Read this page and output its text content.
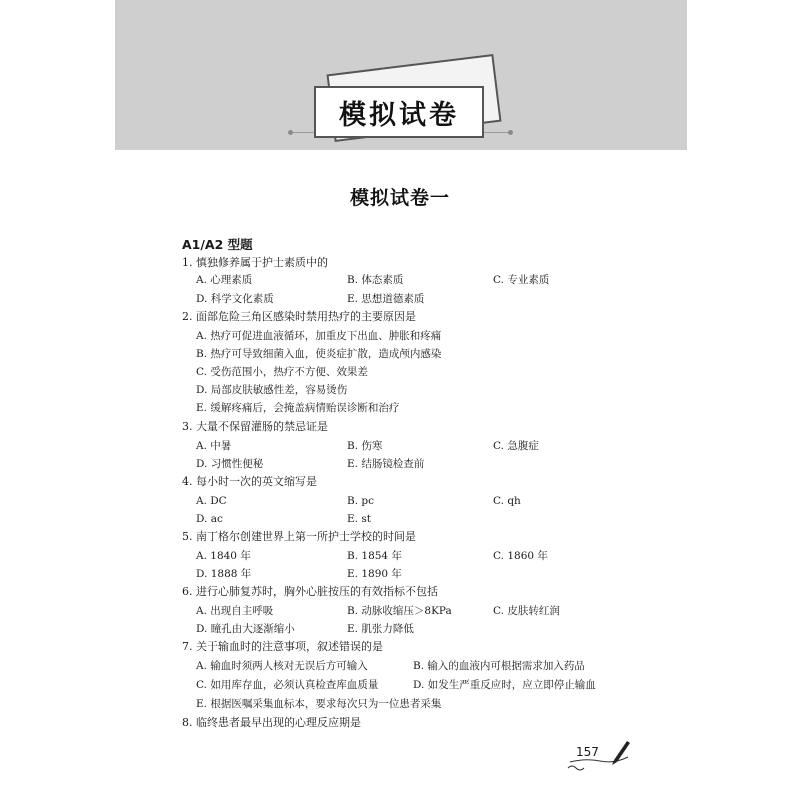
模拟试卷
模拟试卷一
A1/A2 型题
1. 慎独修养属于护士素质中的
A. 心理素质	B. 体态素质	C. 专业素质
D. 科学文化素质	E. 思想道德素质
2. 面部危险三角区感染时禁用热疗的主要原因是
A. 热疗可促进血液循环，加重皮下出血、肿胀和疼痛
B. 热疗可导致细菌入血，使炎症扩散，造成颅内感染
C. 受伤范围小，热疗不方便、效果差
D. 局部皮肤敏感性差，容易烫伤
E. 缓解疼痛后，会掩盖病情贻误诊断和治疗
3. 大量不保留灌肠的禁忌证是
A. 中暑	B. 伤寒	C. 急腹症
D. 习惯性便秘	E. 结肠镜检查前
4. 每小时一次的英文缩写是
A. DC	B. pc	C. qh
D. ac	E. st
5. 南丁格尔创建世界上第一所护士学校的时间是
A. 1840 年	B. 1854 年	C. 1860 年
D. 1888 年	E. 1890 年
6. 进行心肺复苏时，胸外心脏按压的有效指标不包括
A. 出现自主呼吸	B. 动脉收缩压＞8KPa	C. 皮肤转红润
D. 瞳孔由大逐渐缩小	E. 肌张力降低
7. 关于输血时的注意事项，叙述错误的是
A. 输血时须两人核对无误后方可输入	B. 输入的血液内可根据需求加入药品
C. 如用库存血，必须认真检查库血质量	D. 如发生严重反应时，应立即停止输血
E. 根据医嘱采集血标本，要求每次只为一位患者采集
8. 临终患者最早出现的心理反应期是
157
